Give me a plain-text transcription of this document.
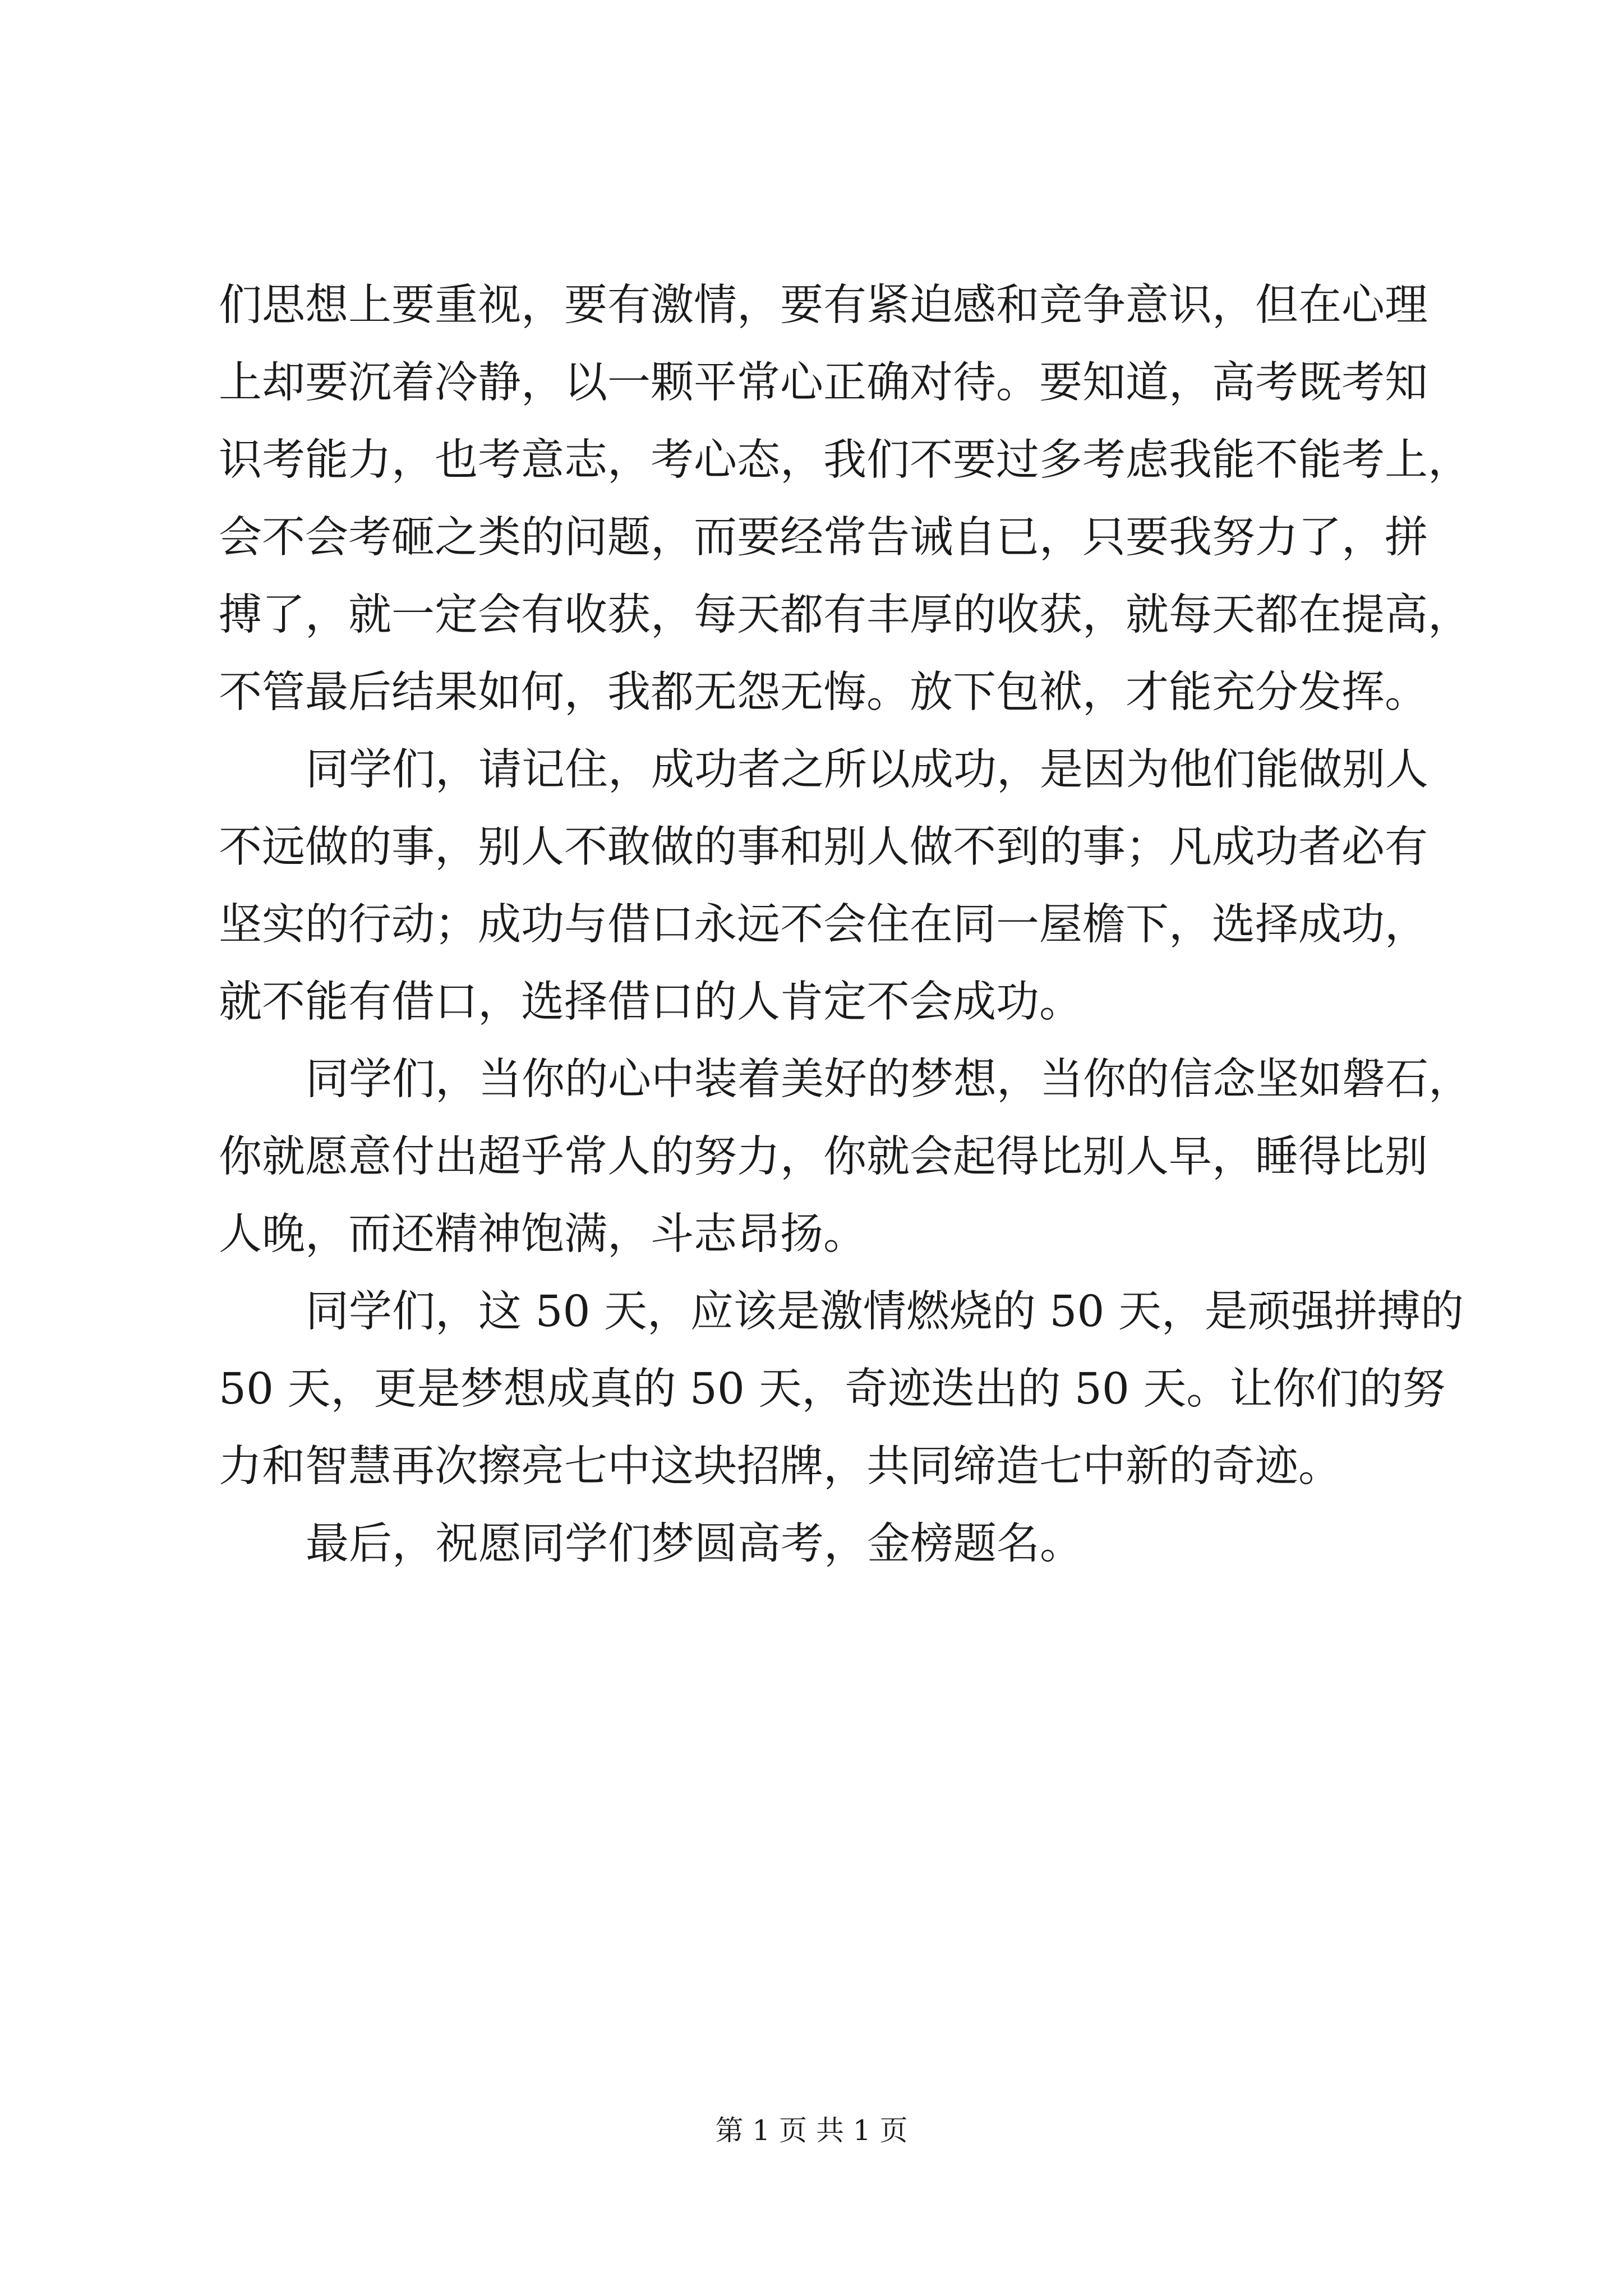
们思想上要重视，要有激情，要有紧迫感和竞争意识，但在心理
上却要沉着冷静，以一颗平常心正确对待。要知道，高考既考知
识考能力，也考意志，考心态，我们不要过多考虑我能不能考上，
会不会考砸之类的问题，而要经常告诫自已，只要我努力了，拼
搏了，就一定会有收获，每天都有丰厚的收获，就每天都在提高，
不管最后结果如何，我都无怨无悔。放下包袱，才能充分发挥。
同学们，请记住，成功者之所以成功，是因为他们能做别人
不远做的事，别人不敢做的事和别人做不到的事；凡成功者必有
坚实的行动；成功与借口永远不会住在同一屋檐下，选择成功，
就不能有借口，选择借口的人肯定不会成功。
同学们，当你的心中装着美好的梦想，当你的信念坚如磐石，
你就愿意付出超乎常人的努力，你就会起得比别人早，睡得比别
人晚，而还精神饱满，斗志昂扬。
同学们，这 50 天，应该是激情燃烧的 50 天，是顽强拼搏的
50 天，更是梦想成真的 50 天，奇迹迭出的 50 天。让你们的努
力和智慧再次擦亮七中这块招牌，共同缔造七中新的奇迹。
最后，祝愿同学们梦圆高考，金榜题名。
第 1 页 共 1 页
